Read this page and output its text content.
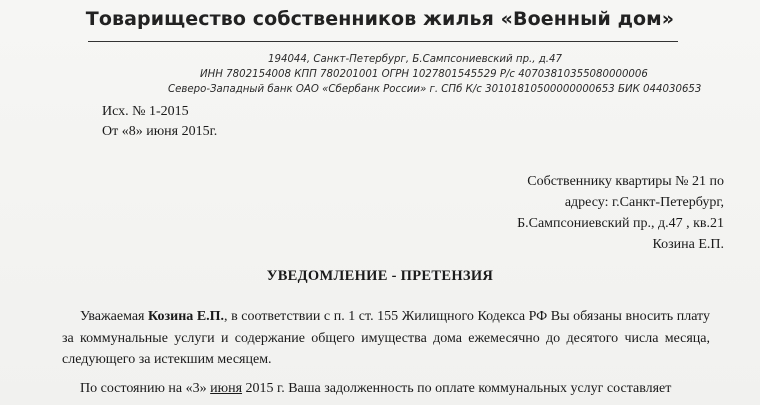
Товарищество собственников жилья «Военный дом»
194044, Санкт-Петербург, Б.Сампсониевский пр., д.47
ИНН 7802154008 КПП 780201001 ОГРН 1027801545529 Р/с 40703810355080000006
Северо-Западный банк ОАО «Сбербанк России» г. СПб К/с 30101810500000000653 БИК 044030653
Исх. № 1-2015
От «8» июня 2015г.
Собственнику квартиры № 21 по
адресу: г.Санкт-Петербург,
Б.Сампсониевский пр., д.47 , кв.21
Козина Е.П.
УВЕДОМЛЕНИЕ - ПРЕТЕНЗИЯ
Уважаемая Козина Е.П., в соответствии с п. 1 ст. 155 Жилищного Кодекса РФ Вы обязаны вносить плату за коммунальные услуги и содержание общего имущества дома ежемесячно до десятого числа месяца, следующего за истекшим месяцем.
По состоянию на «3» июня 2015 г. Ваша задолженность по оплате коммунальных услуг составляет
